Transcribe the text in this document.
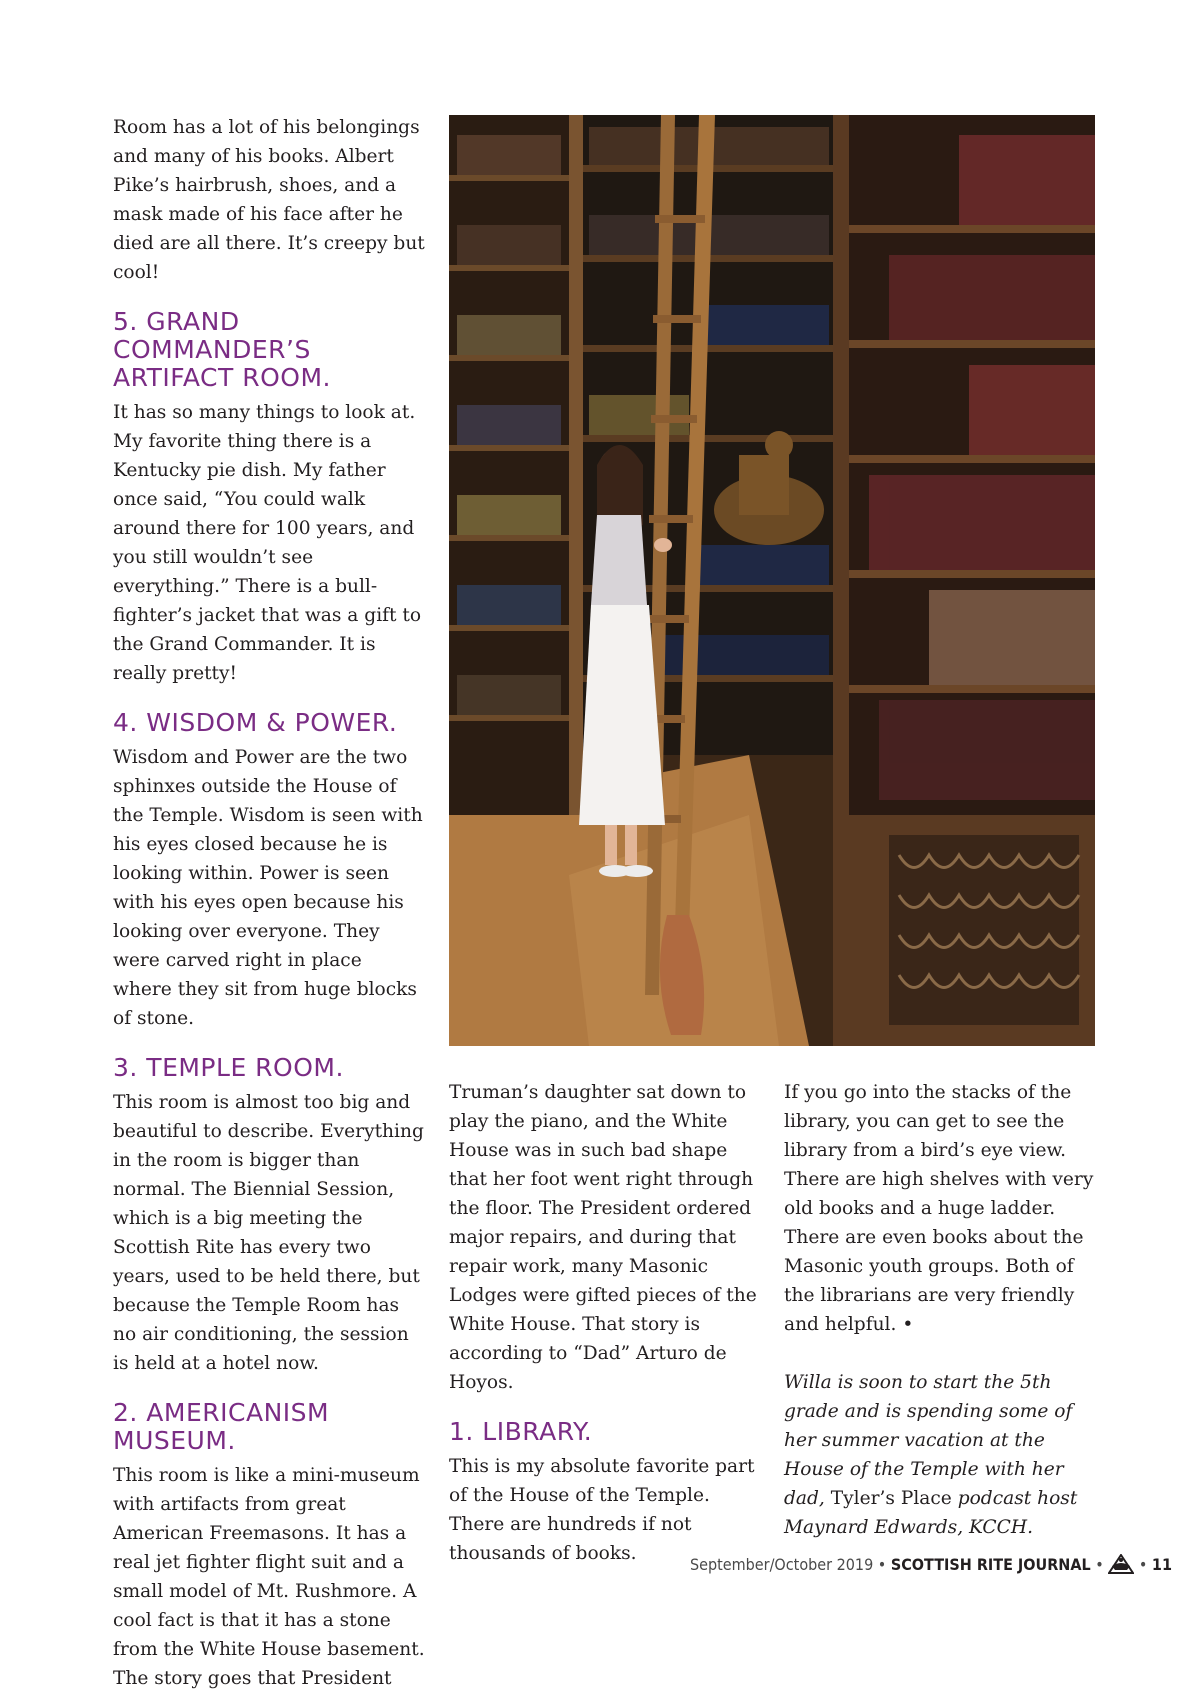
Room has a lot of his belongings and many of his books. Albert Pike’s hairbrush, shoes, and a mask made of his face after he died are all there. It’s creepy but cool!

5. GRAND COMMANDER’S ARTIFACT ROOM.

It has so many things to look at. My favorite thing there is a Kentucky pie dish. My father once said, “You could walk around there for 100 years, and you still wouldn’t see everything.” There is a bull-fighter’s jacket that was a gift to the Grand Commander. It is really pretty!

4. WISDOM & POWER.

Wisdom and Power are the two sphinxes outside the House of the Temple. Wisdom is seen with his eyes closed because he is looking within. Power is seen with his eyes open because his looking over everyone. They were carved right in place where they sit from huge blocks of stone.

3. TEMPLE ROOM.

This room is almost too big and beautiful to describe. Everything in the room is bigger than normal. The Biennial Session, which is a big meeting the Scottish Rite has every two years, used to be held there, but because the Temple Room has no air conditioning, the session is held at a hotel now.

2. AMERICANISM MUSEUM.

This room is like a mini-museum with artifacts from great American Freemasons. It has a real jet fighter flight suit and a small model of Mt. Rushmore. A cool fact is that it has a stone from the White House basement. The story goes that President

Truman’s daughter sat down to play the piano, and the White House was in such bad shape that her foot went right through the floor. The President ordered major repairs, and during that repair work, many Masonic Lodges were gifted pieces of the White House. That story is according to “Dad” Arturo de Hoyos.

1. LIBRARY.

This is my absolute favorite part of the House of the Temple. There are hundreds if not thousands of books.

If you go into the stacks of the library, you can get to see the library from a bird’s eye view. There are high shelves with very old books and a huge ladder. There are even books about the Masonic youth groups. Both of the librarians are very friendly and helpful. •

Willa is soon to start the 5th grade and is spending some of her summer vacation at the House of the Temple with her dad, Tyler’s Place podcast host Maynard Edwards, KCCH.

September/October 2019 • SCOTTISH RITE JOURNAL •  • 11
